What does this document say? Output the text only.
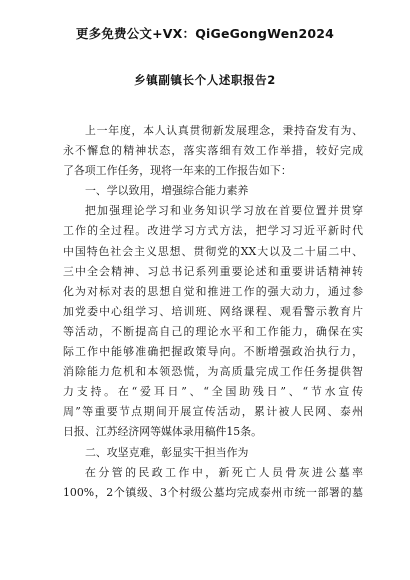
更多免费公文+VX：QiGeGongWen2024
乡镇副镇长个人述职报告2
上一年度，本人认真贯彻新发展理念，秉持奋发有为、
永不懈怠的精神状态，落实落细有效工作举措，较好完成
了各项工作任务，现将一年来的工作报告如下：
一、学以致用，增强综合能力素养
把加强理论学习和业务知识学习放在首要位置并贯穿
工作的全过程。改进学习方式方法，把学习习近平新时代
中国特色社会主义思想、贯彻党的XX大以及二十届二中、
三中全会精神、习总书记系列重要论述和重要讲话精神转
化为对标对表的思想自觉和推进工作的强大动力，通过参
加党委中心组学习、培训班、网络课程、观看警示教育片
等活动，不断提高自己的理论水平和工作能力，确保在实
际工作中能够准确把握政策导向。不断增强政治执行力，
消除能力危机和本领恐慌，为高质量完成工作任务提供智
力支持。在“爱耳日”、“全国助残日”、“节水宣传
周”等重要节点期间开展宣传活动，累计被人民网、泰州
日报、江苏经济网等媒体录用稿件15条。
二、攻坚克难，彰显实干担当作为
在分管的民政工作中，新死亡人员骨灰进公墓率
100%，2个镇级、3个村级公墓均完成泰州市统一部署的墓
